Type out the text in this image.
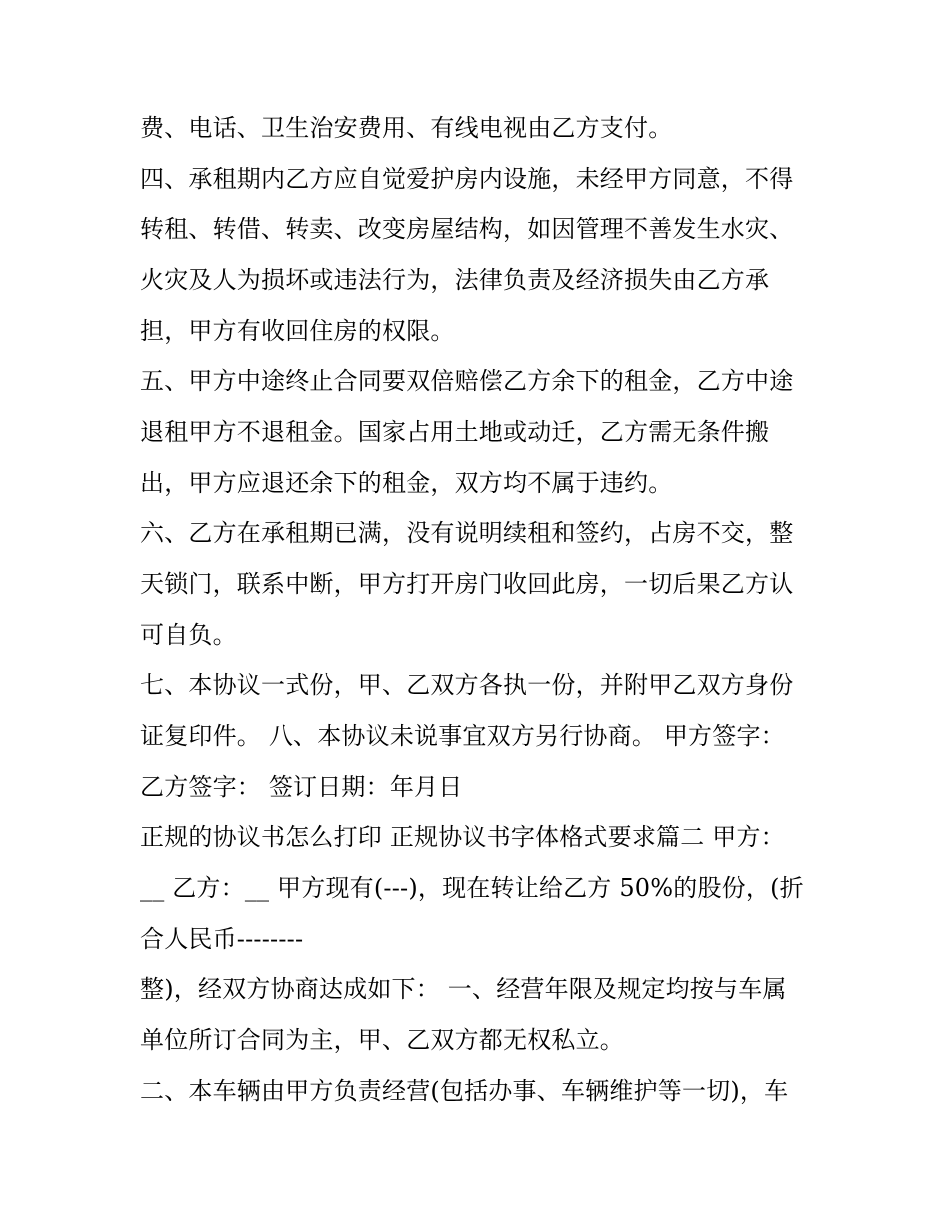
费、电话、卫生治安费用、有线电视由乙方支付。
四、承租期内乙方应自觉爱护房内设施，未经甲方同意，不得
转租、转借、转卖、改变房屋结构，如因管理不善发生水灾、
火灾及人为损坏或违法行为，法律负责及经济损失由乙方承
担，甲方有收回住房的权限。
五、甲方中途终止合同要双倍赔偿乙方余下的租金，乙方中途
退租甲方不退租金。国家占用土地或动迁，乙方需无条件搬
出，甲方应退还余下的租金，双方均不属于违约。
六、乙方在承租期已满，没有说明续租和签约，占房不交，整
天锁门，联系中断，甲方打开房门收回此房，一切后果乙方认
可自负。
七、本协议一式份，甲、乙双方各执一份，并附甲乙双方身份
证复印件。 八、本协议未说事宜双方另行协商。 甲方签字：
乙方签字： 签订日期：年月日
正规的协议书怎么打印 正规协议书字体格式要求篇二 甲方：
__ 乙方：__ 甲方现有(---)，现在转让给乙方 50%的股份，(折
合人民币--------
整)，经双方协商达成如下： 一、经营年限及规定均按与车属
单位所订合同为主，甲、乙双方都无权私立。
二、本车辆由甲方负责经营(包括办事、车辆维护等一切)，车
